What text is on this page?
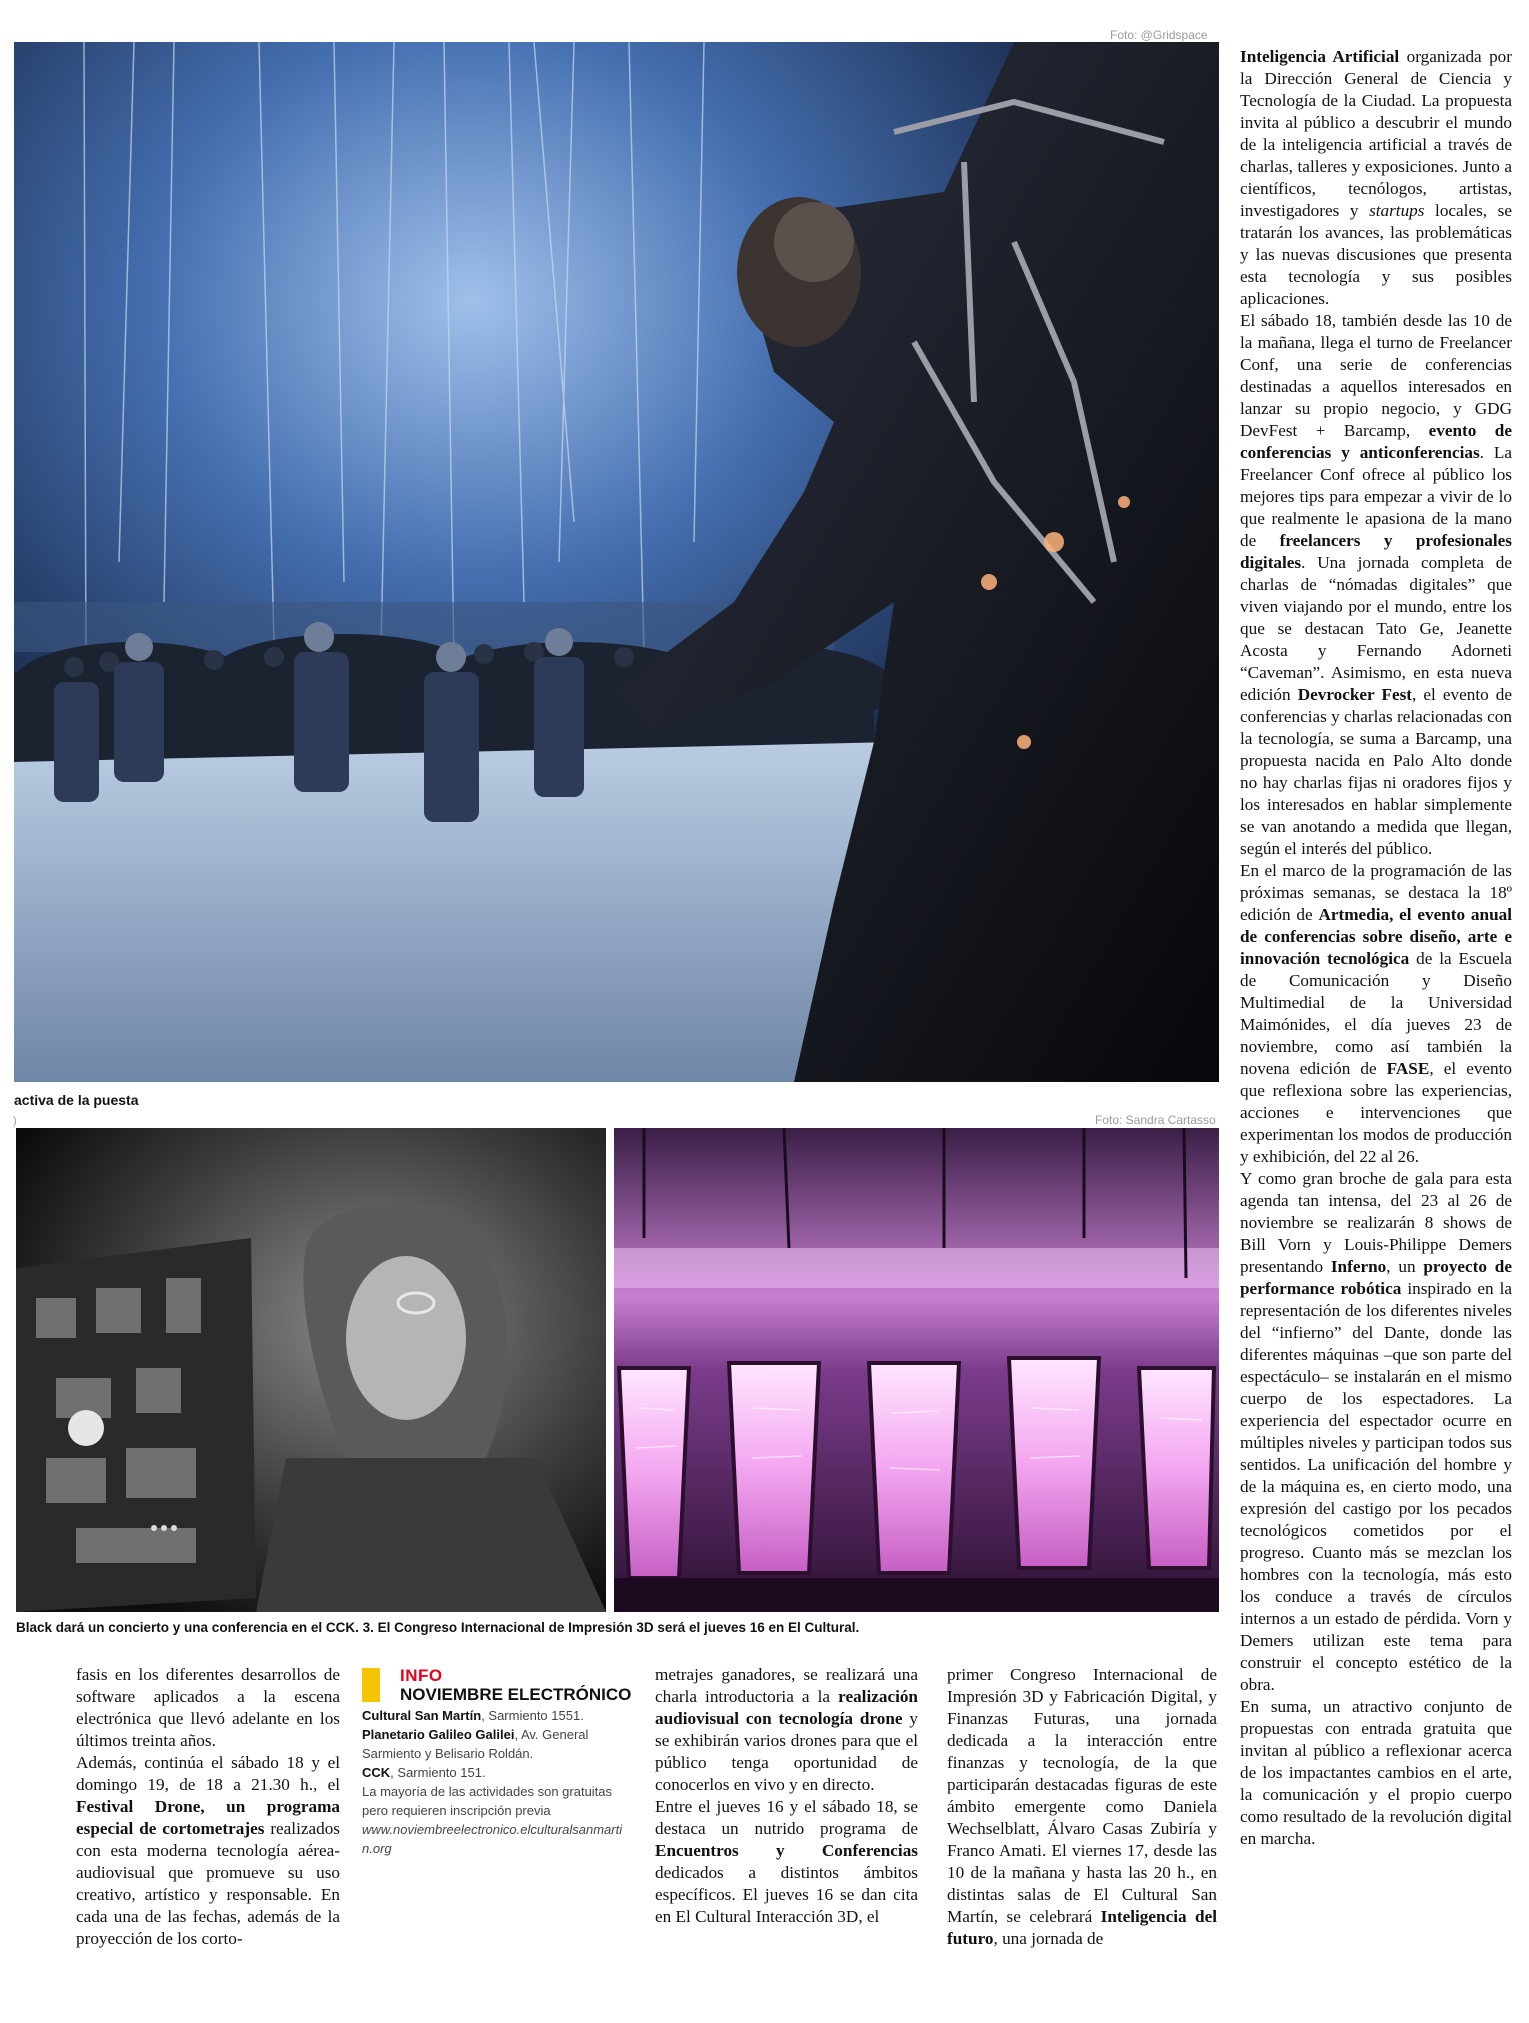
Foto: @Gridspace
activa de la puesta
)	Foto: Sandra Cartasso
Black dará un concierto y una conferencia en el CCK. 3. El Congreso Internacional de Impresión 3D será el jueves 16 en El Cultural.

Inteligencia Artificial organizada por la Dirección General de Ciencia y Tecnología de la Ciudad. La propuesta invita al público a descubrir el mundo de la inteligencia artificial a través de charlas, talleres y exposiciones. Junto a científicos, tecnólogos, artistas, investigadores y startups locales, se tratarán los avances, las problemáticas y las nuevas discusiones que presenta esta tecnología y sus posibles aplicaciones.

El sábado 18, también desde las 10 de la mañana, llega el turno de Freelancer Conf, una serie de conferencias destinadas a aquellos interesados en lanzar su propio negocio, y GDG DevFest + Barcamp, evento de conferencias y anticonferencias. La Freelancer Conf ofrece al público los mejores tips para empezar a vivir de lo que realmente le apasiona de la mano de freelancers y profesionales digitales. Una jornada completa de charlas de “nómadas digitales” que viven viajando por el mundo, entre los que se destacan Tato Ge, Jeanette Acosta y Fernando Adorneti “Caveman”. Asimismo, en esta nueva edición Devrocker Fest, el evento de conferencias y charlas relacionadas con la tecnología, se suma a Barcamp, una propuesta nacida en Palo Alto donde no hay charlas fijas ni oradores fijos y los interesados en hablar simplemente se van anotando a medida que llegan, según el interés del público.

En el marco de la programación de las próximas semanas, se destaca la 18º edición de Artmedia, el evento anual de conferencias sobre diseño, arte e innovación tecnológica de la Escuela de Comunicación y Diseño Multimedial de la Universidad Maimónides, el día jueves 23 de noviembre, como así también la novena edición de FASE, el evento que reflexiona sobre las experiencias, acciones e intervenciones que experimentan los modos de producción y exhibición, del 22 al 26.

Y como gran broche de gala para esta agenda tan intensa, del 23 al 26 de noviembre se realizarán 8 shows de Bill Vorn y Louis-Philippe Demers presentando Inferno, un proyecto de performance robótica inspirado en la representación de los diferentes niveles del “infierno” del Dante, donde las diferentes máquinas –que son parte del espectáculo– se instalarán en el mismo cuerpo de los espectadores. La experiencia del espectador ocurre en múltiples niveles y participan todos sus sentidos. La unificación del hombre y de la máquina es, en cierto modo, una expresión del castigo por los pecados tecnológicos cometidos por el progreso. Cuanto más se mezclan los hombres con la tecnología, más esto los conduce a través de círculos internos a un estado de pérdida. Vorn y Demers utilizan este tema para construir el concepto estético de la obra.

En suma, un atractivo conjunto de propuestas con entrada gratuita que invitan al público a reflexionar acerca de los impactantes cambios en el arte, la comunicación y el propio cuerpo como resultado de la revolución digital en marcha.

fasis en los diferentes desarrollos de software aplicados a la escena electrónica que llevó adelante en los últimos treinta años.

Además, continúa el sábado 18 y el domingo 19, de 18 a 21.30 h., el Festival Drone, un programa especial de cortometrajes realizados con esta moderna tecnología aérea-audiovisual que promueve su uso creativo, artístico y responsable. En cada una de las fechas, además de la proyección de los corto-

INFO
NOVIEMBRE ELECTRÓNICO
Cultural San Martín, Sarmiento 1551.
Planetario Galileo Galilei, Av. General Sarmiento y Belisario Roldán.
CCK, Sarmiento 151.
La mayoría de las actividades son gratuitas pero requieren inscripción previa
www.noviembreelectronico.elculturalsanmartin.org

metrajes ganadores, se realizará una charla introductoria a la realización audiovisual con tecnología drone y se exhibirán varios drones para que el público tenga oportunidad de conocerlos en vivo y en directo.

Entre el jueves 16 y el sábado 18, se destaca un nutrido programa de Encuentros y Conferencias dedicados a distintos ámbitos específicos. El jueves 16 se dan cita en El Cultural Interacción 3D, el

primer Congreso Internacional de Impresión 3D y Fabricación Digital, y Finanzas Futuras, una jornada dedicada a la interacción entre finanzas y tecnología, de la que participarán destacadas figuras de este ámbito emergente como Daniela Wechselblatt, Álvaro Casas Zubiría y Franco Amati. El viernes 17, desde las 10 de la mañana y hasta las 20 h., en distintas salas de El Cultural San Martín, se celebrará Inteligencia del futuro, una jornada de
